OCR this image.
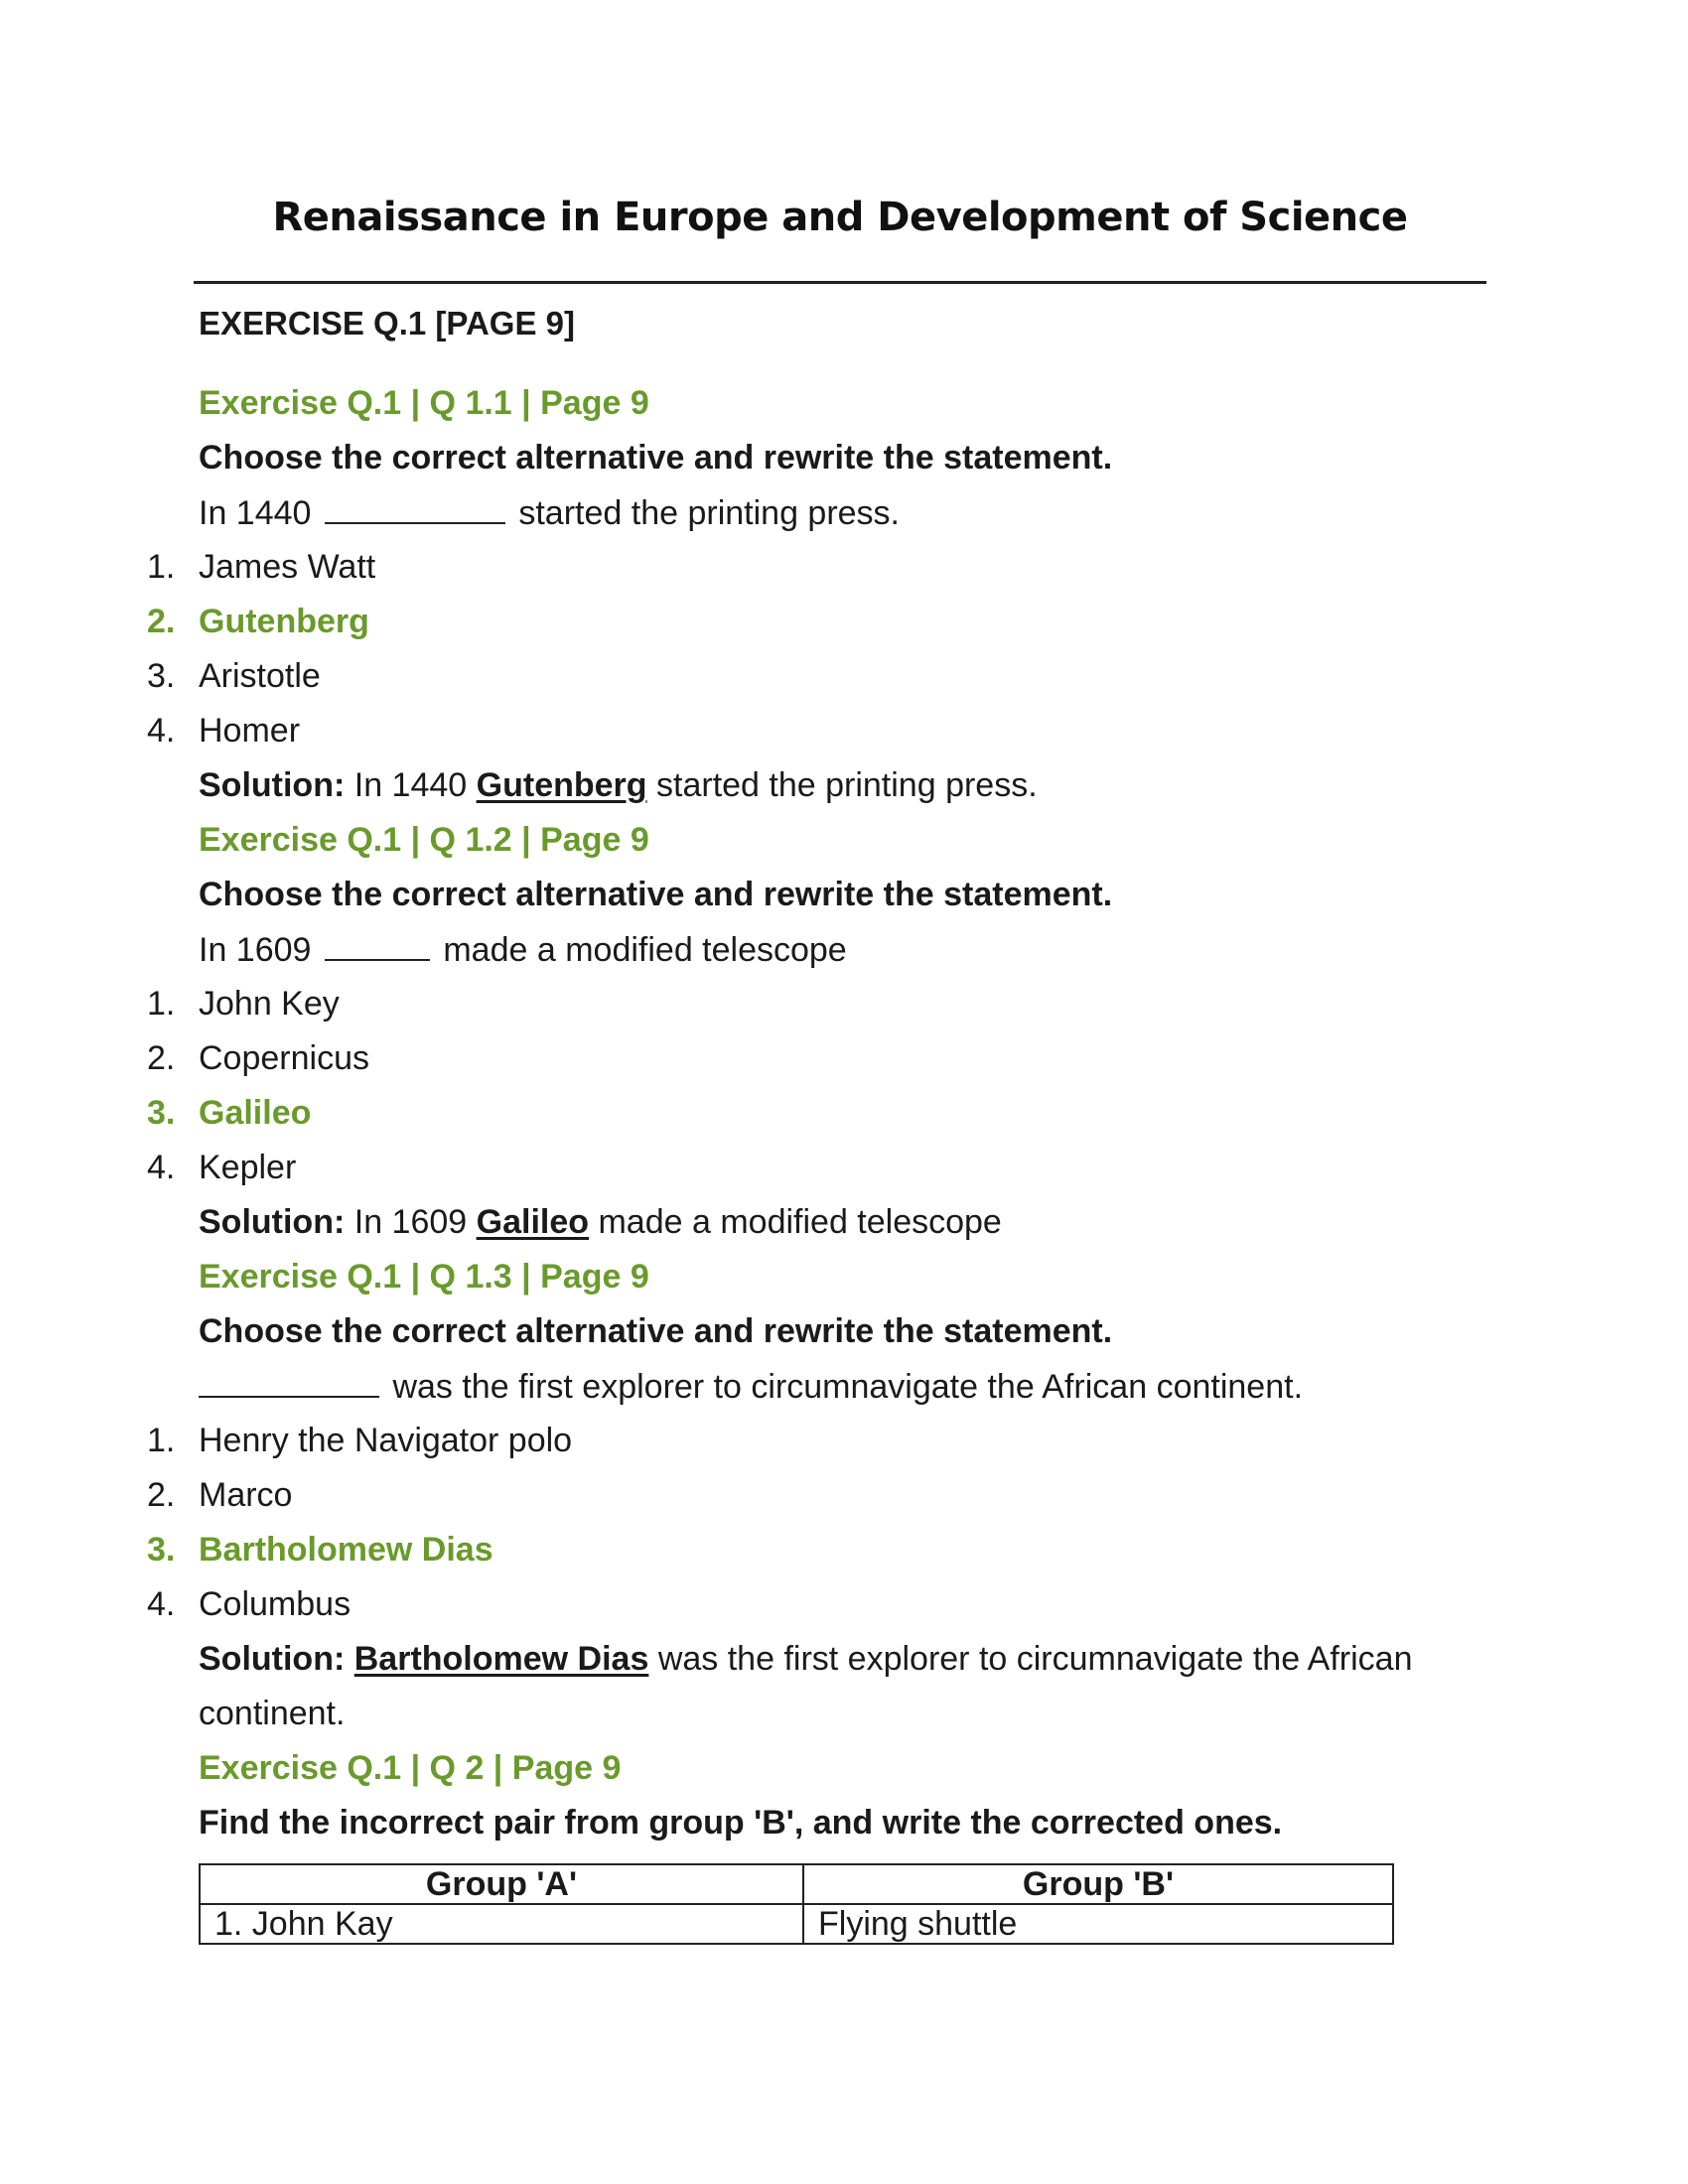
Renaissance in Europe and Development of Science
EXERCISE Q.1 [PAGE 9]
Exercise Q.1 | Q 1.1 | Page 9
Choose the correct alternative and rewrite the statement.
In 1440	started the printing press.
1. James Watt
2. Gutenberg
3. Aristotle
4. Homer
Solution: In 1440 Gutenberg started the printing press.
Exercise Q.1 | Q 1.2 | Page 9
Choose the correct alternative and rewrite the statement.
In 1609	made a modified telescope
1. John Key
2. Copernicus
3. Galileo
4. Kepler
Solution: In 1609 Galileo made a modified telescope
Exercise Q.1 | Q 1.3 | Page 9
Choose the correct alternative and rewrite the statement.
was the first explorer to circumnavigate the African continent.
1. Henry the Navigator polo
2. Marco
3. Bartholomew Dias
4. Columbus
Solution: Bartholomew Dias was the first explorer to circumnavigate the African
continent.
Exercise Q.1 | Q 2 | Page 9
Find the incorrect pair from group 'B', and write the corrected ones.
Group 'A'	Group 'B'
1. John Kay	Flying shuttle
